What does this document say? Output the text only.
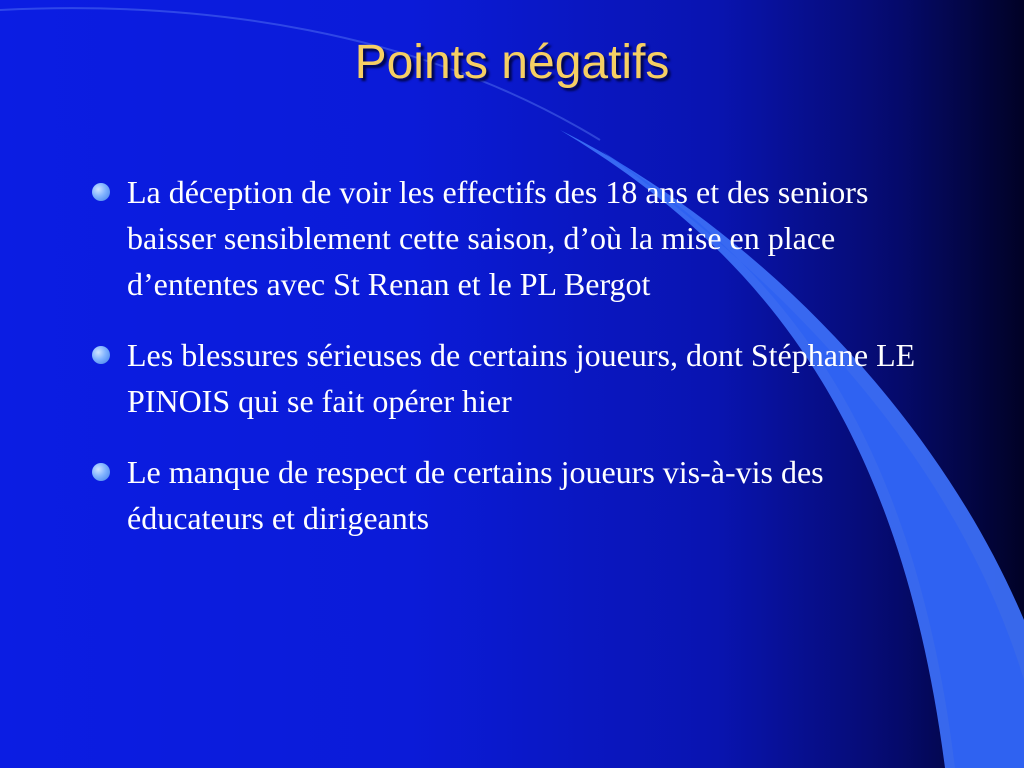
Points négatifs
La déception de voir les effectifs des 18 ans et des seniors baisser sensiblement cette saison, d’où la mise en place d’ententes avec St Renan et le PL Bergot
Les blessures sérieuses de certains joueurs, dont Stéphane LE PINOIS qui se fait opérer hier
Le manque de respect de certains joueurs vis-à-vis des éducateurs et dirigeants
